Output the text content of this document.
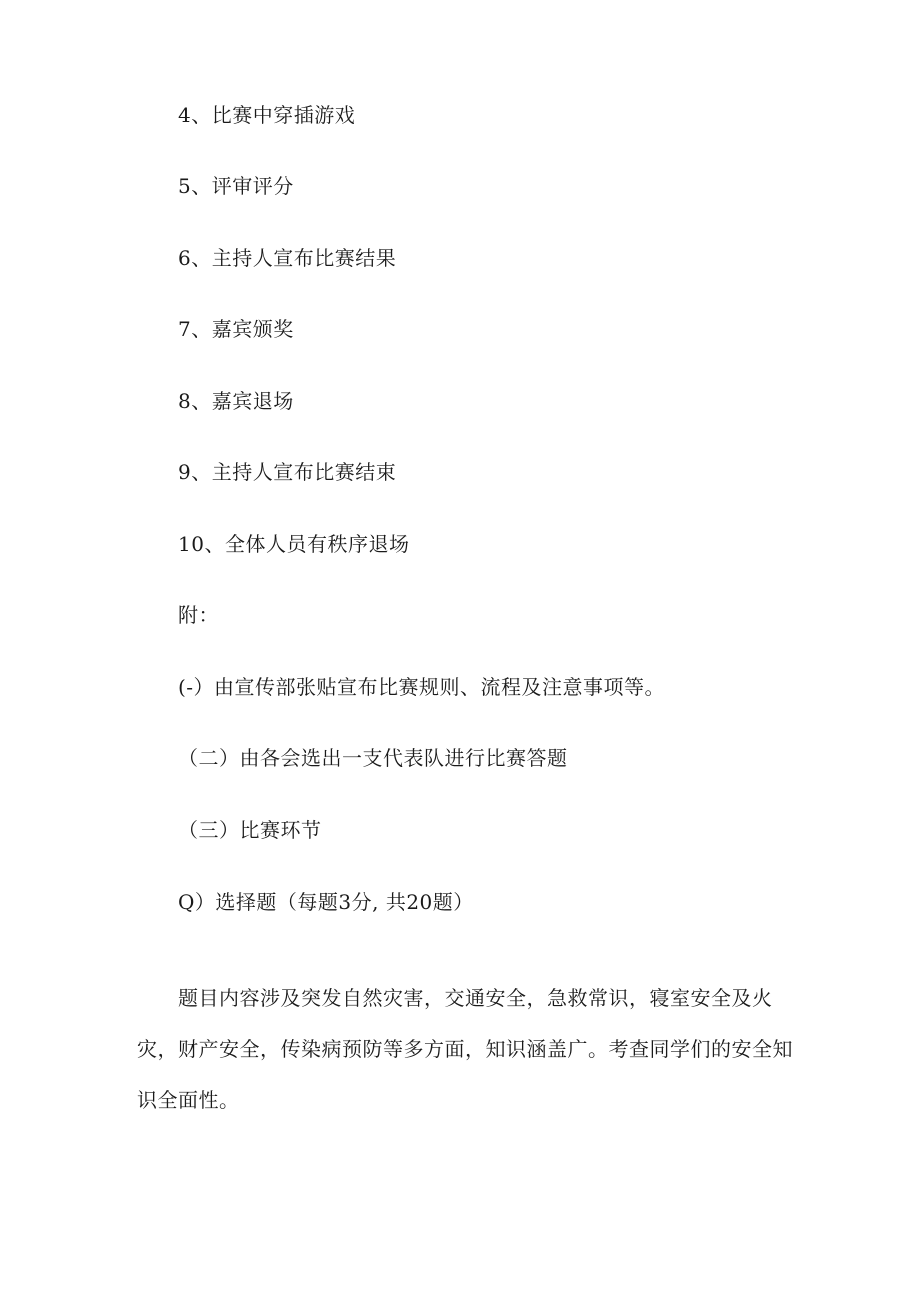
4、比赛中穿插游戏
5、评审评分
6、主持人宣布比赛结果
7、嘉宾颁奖
8、嘉宾退场
9、主持人宣布比赛结束
10、全体人员有秩序退场
附：
(-）由宣传部张贴宣布比赛规则、流程及注意事项等。
（二）由各会选出一支代表队进行比赛答题
（三）比赛环节
Q）选择题（每题3分, 共20题）
题目内容涉及突发自然灾害，交通安全，急救常识，寝室安全及火灾，财产安全，传染病预防等多方面，知识涵盖广。考查同学们的安全知识全面性。
